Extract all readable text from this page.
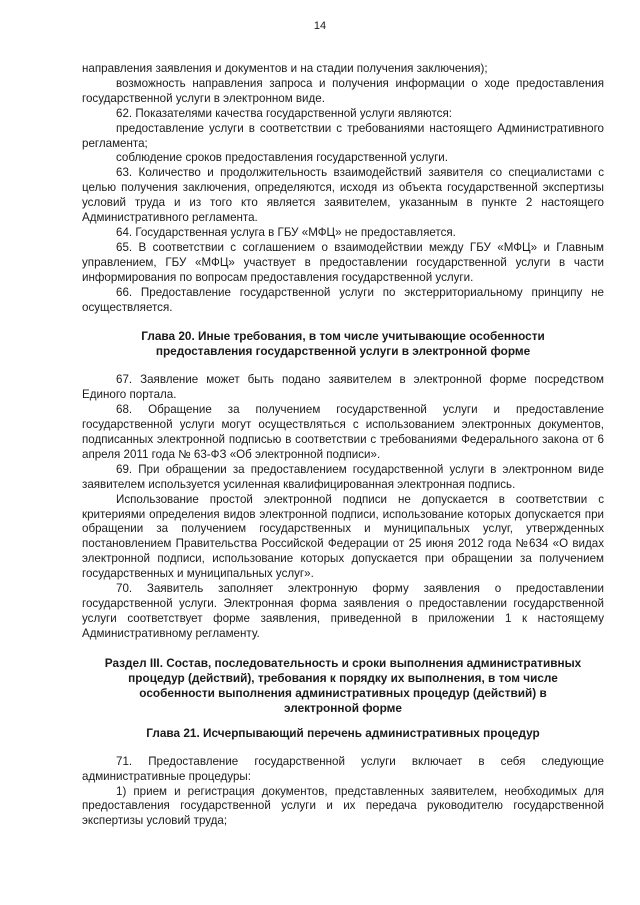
14

направления заявления и документов и на стадии получения заключения);

возможность направления запроса и получения информации о ходе предоставления государственной услуги в электронном виде.

62. Показателями качества государственной услуги являются:

предоставление услуги в соответствии с требованиями настоящего Административного регламента;

соблюдение сроков предоставления государственной услуги.

63. Количество и продолжительность взаимодействий заявителя со специалистами с целью получения заключения, определяются, исходя из объекта государственной экспертизы условий труда и из того кто является заявителем, указанным в пункте 2 настоящего Административного регламента.

64. Государственная услуга в ГБУ «МФЦ» не предоставляется.

65. В соответствии с соглашением о взаимодействии между ГБУ «МФЦ» и Главным управлением, ГБУ «МФЦ» участвует в предоставлении государственной услуги в части информирования по вопросам предоставления государственной услуги.

66. Предоставление государственной услуги по экстерриториальному принципу не осуществляется.

Глава 20. Иные требования, в том числе учитывающие особенности предоставления государственной услуги в электронной форме

67. Заявление может быть подано заявителем в электронной форме посредством Единого портала.

68. Обращение за получением государственной услуги и предоставление государственной услуги могут осуществляться с использованием электронных документов, подписанных электронной подписью в соответствии с требованиями Федерального закона от 6 апреля 2011 года № 63-ФЗ «Об электронной подписи».

69. При обращении за предоставлением государственной услуги в электронном виде заявителем используется усиленная квалифицированная электронная подпись.

Использование простой электронной подписи не допускается в соответствии с критериями определения видов электронной подписи, использование которых допускается при обращении за получением государственных и муниципальных услуг, утвержденных постановлением Правительства Российской Федерации от 25 июня 2012 года №634 «О видах электронной подписи, использование которых допускается при обращении за получением государственных и муниципальных услуг».

70. Заявитель заполняет электронную форму заявления о предоставлении государственной услуги. Электронная форма заявления о предоставлении государственной услуги соответствует форме заявления, приведенной в приложении 1 к настоящему Административному регламенту.

Раздел III. Состав, последовательность и сроки выполнения административных процедур (действий), требования к порядку их выполнения, в том числе особенности выполнения административных процедур (действий) в электронной форме

Глава 21. Исчерпывающий перечень административных процедур

71. Предоставление государственной услуги включает в себя следующие административные процедуры:

1) прием и регистрация документов, представленных заявителем, необходимых для предоставления государственной услуги и их передача руководителю государственной экспертизы условий труда;
